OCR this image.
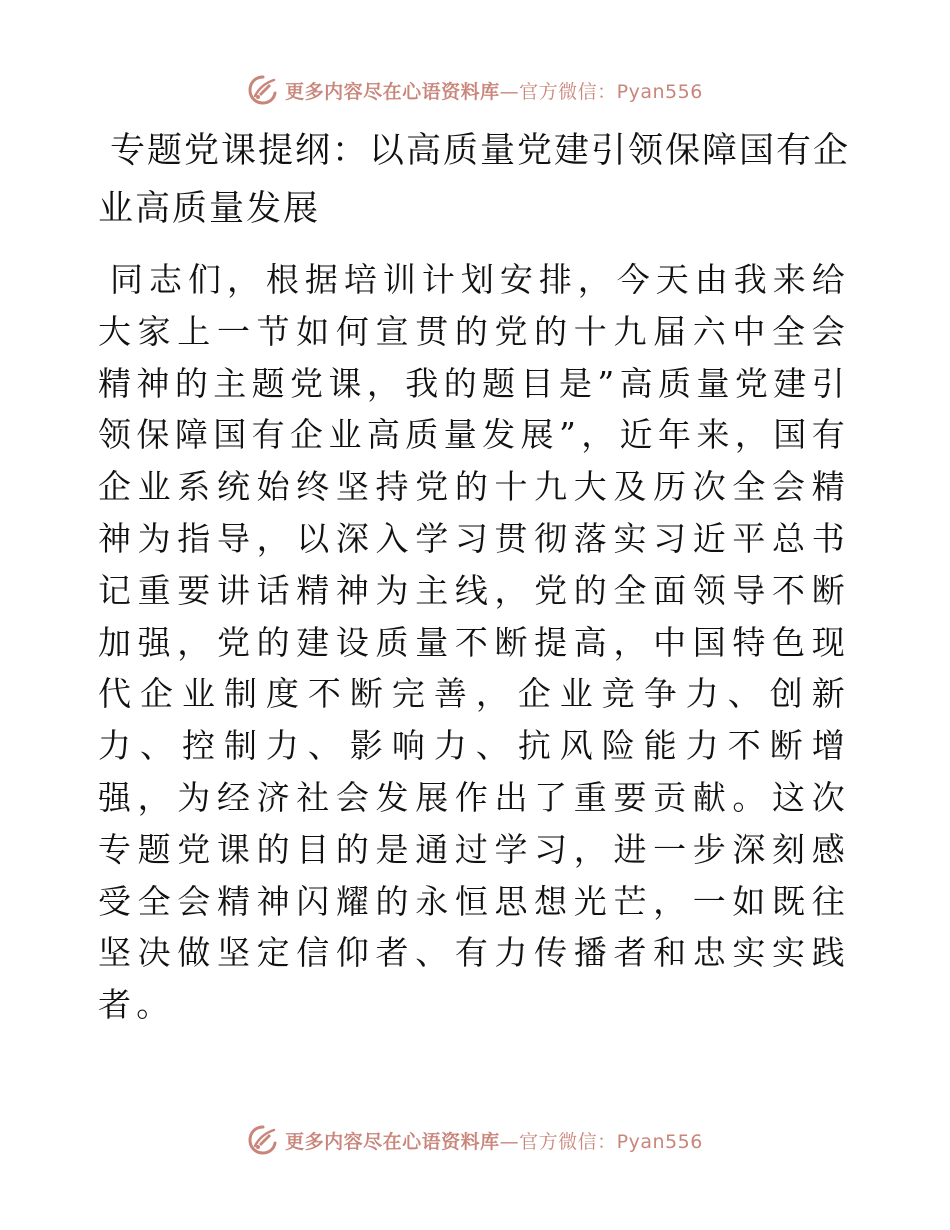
更多内容尽在心语资料库—官方微信：Pyan556
专题党课提纲：以高质量党建引领保障国有企业高质量发展

同志们，根据培训计划安排，今天由我来给大家上一节如何宣贯的党的十九届六中全会精神的主题党课，我的题目是”高质量党建引领保障国有企业高质量发展”，近年来，国有企业系统始终坚持党的十九大及历次全会精神为指导，以深入学习贯彻落实习近平总书记重要讲话精神为主线，党的全面领导不断加强，党的建设质量不断提高，中国特色现代企业制度不断完善，企业竞争力、创新力、控制力、影响力、抗风险能力不断增强，为经济社会发展作出了重要贡献。这次专题党课的目的是通过学习，进一步深刻感受全会精神闪耀的永恒思想光芒，一如既往坚决做坚定信仰者、有力传播者和忠实实践者。

更多内容尽在心语资料库—官方微信：Pyan556
